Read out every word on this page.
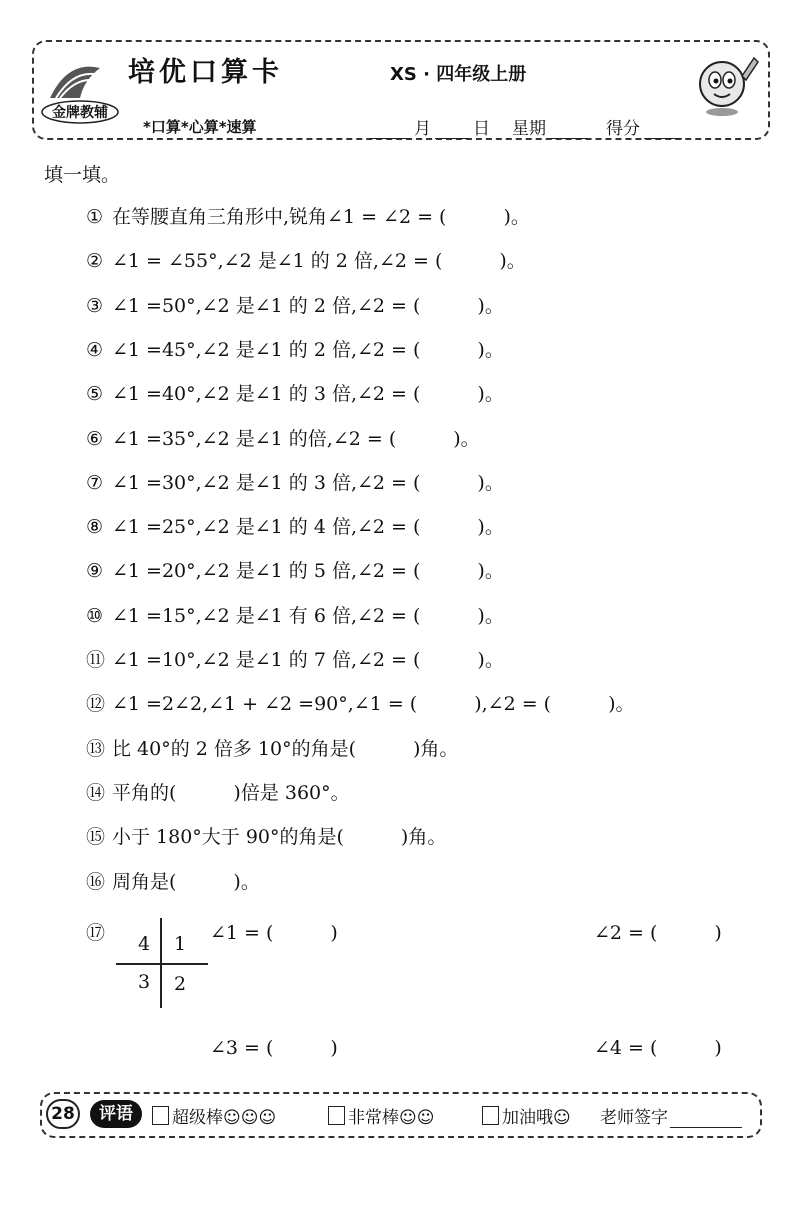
金牌教辅
培优口算卡	XS · 四年级上册
*口算*心算*速算	月 日 星期	得分
填一填。
① 在等腰直角三角形中,锐角∠1 = ∠2 = (　　　)。
② ∠1 = ∠55°,∠2 是∠1 的 2 倍,∠2 = (　　　)。
③ ∠1 =50°,∠2 是∠1 的 2 倍,∠2 = (　　　)。
④ ∠1 =45°,∠2 是∠1 的 2 倍,∠2 = (　　　)。
⑤ ∠1 =40°,∠2 是∠1 的 3 倍,∠2 = (　　　)。
⑥ ∠1 =35°,∠2 是∠1 的倍,∠2 = (　　　)。
⑦ ∠1 =30°,∠2 是∠1 的 3 倍,∠2 = (　　　)。
⑧ ∠1 =25°,∠2 是∠1 的 4 倍,∠2 = (　　　)。
⑨ ∠1 =20°,∠2 是∠1 的 5 倍,∠2 = (　　　)。
⑩ ∠1 =15°,∠2 是∠1 有 6 倍,∠2 = (　　　)。
⑪ ∠1 =10°,∠2 是∠1 的 7 倍,∠2 = (　　　)。
⑫ ∠1 =2∠2,∠1 + ∠2 =90°,∠1 = (　　　),∠2 = (　　　)。
⑬ 比 40°的 2 倍多 10°的角是(　　　)角。
⑭ 平角的(　　　)倍是 360°。
⑮ 小于 180°大于 90°的角是(　　　)角。
⑯ 周角是(　　　)。
⑰	4 1
3 2
∠1 = (　　　)	∠2 = (　　　)
∠3 = (　　　)	∠4 = (　　　)
28	评语	超级棒☺☺☺	非常棒☺☺	加油哦☺ 老师签字
